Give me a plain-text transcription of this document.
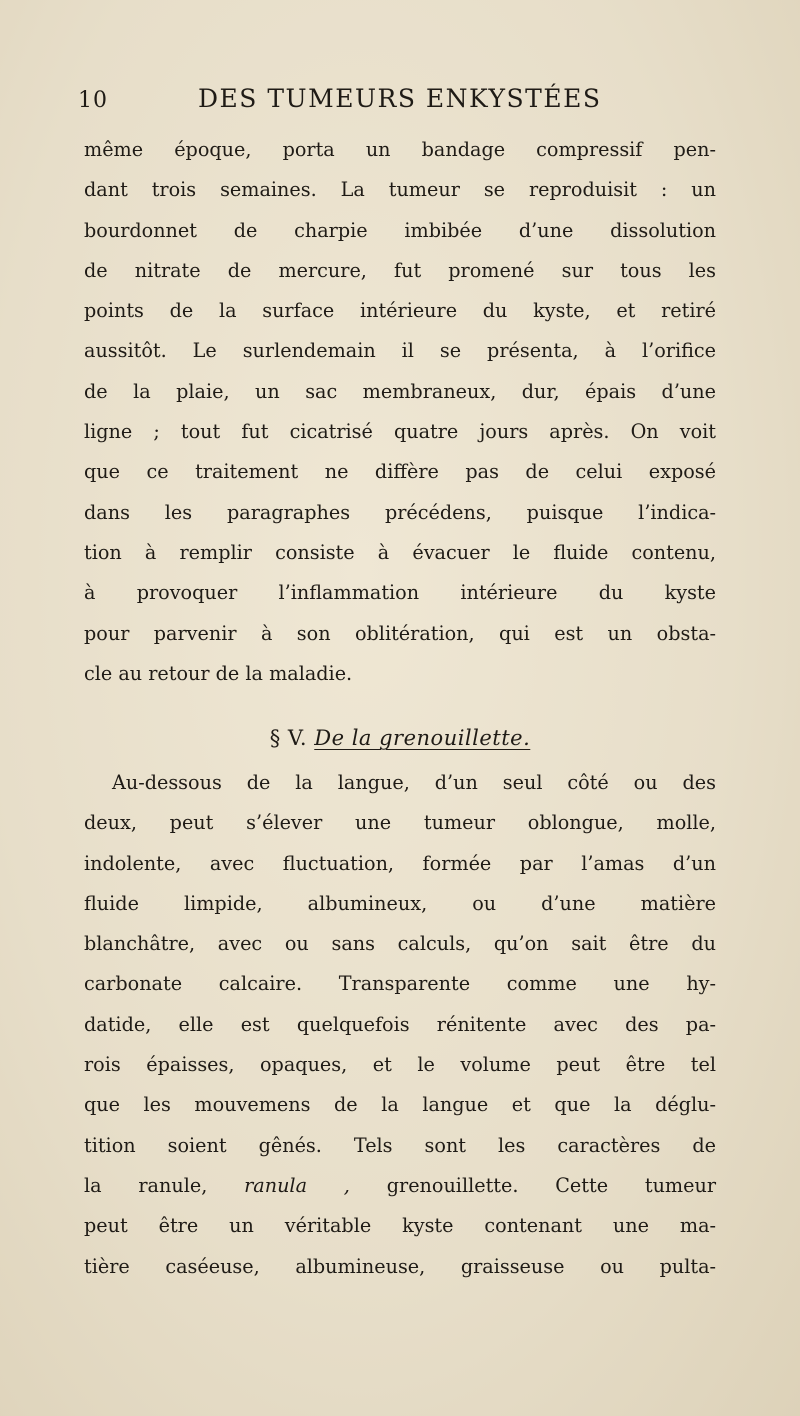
10	DES TUMEURS ENKYSTÉES
même époque, porta un bandage compressif pen-
dant trois semaines. La tumeur se reproduisit : un
bourdonnet de charpie imbibée d’une dissolution
de nitrate de mercure, fut promené sur tous les
points de la surface intérieure du kyste, et retiré
aussitôt. Le surlendemain il se présenta, à l’orifice
de la plaie, un sac membraneux, dur, épais d’une
ligne ; tout fut cicatrisé quatre jours après. On voit
que ce traitement ne diffère pas de celui exposé
dans les paragraphes précédens, puisque l’indica-
tion à remplir consiste à évacuer le fluide contenu,
à provoquer l’inflammation intérieure du kyste
pour parvenir à son oblitération, qui est un obsta-
cle au retour de la maladie.
§ V. De la grenouillette.
Au-dessous de la langue, d’un seul côté ou des
deux, peut s’élever une tumeur oblongue, molle,
indolente, avec fluctuation, formée par l’amas d’un
fluide limpide, albumineux, ou d’une matière
blanchâtre, avec ou sans calculs, qu’on sait être du
carbonate calcaire. Transparente comme une hy-
datide, elle est quelquefois rénitente avec des pa-
rois épaisses, opaques, et le volume peut être tel
que les mouvemens de la langue et que la déglu-
tition soient gênés. Tels sont les caractères de
la ranule, ranula , grenouillette. Cette tumeur
peut être un véritable kyste contenant une ma-
tière caséeuse, albumineuse, graisseuse ou pulta-
